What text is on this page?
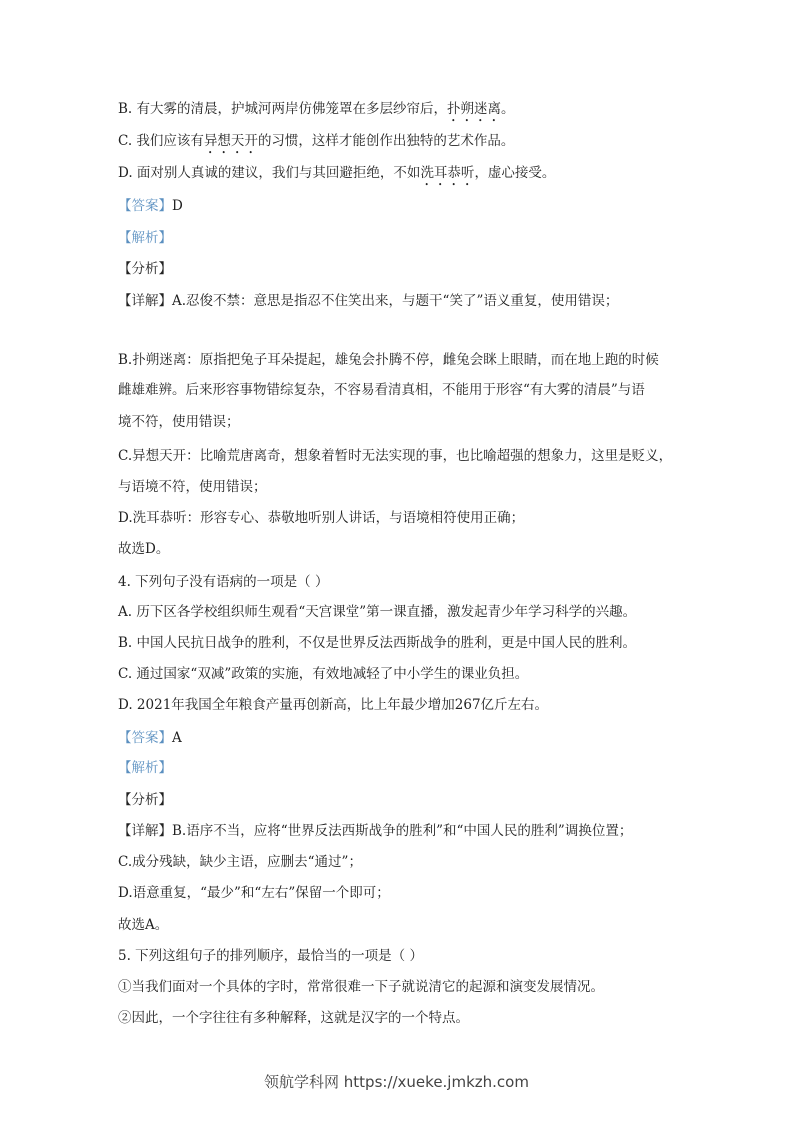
B. 有大雾的清晨，护城河两岸仿佛笼罩在多层纱帘后，扑朔迷离。
C. 我们应该有异想天开的习惯，这样才能创作出独特的艺术作品。
D. 面对别人真诚的建议，我们与其回避拒绝，不如洗耳恭听，虚心接受。
【答案】D
【解析】
【分析】
【详解】A.忍俊不禁：意思是指忍不住笑出来，与题干“笑了”语义重复，使用错误；
B.扑朔迷离：原指把兔子耳朵提起，雄兔会扑腾不停，雌兔会眯上眼睛，而在地上跑的时候
雌雄难辨。后来形容事物错综复杂，不容易看清真相，不能用于形容“有大雾的清晨”与语
境不符，使用错误；
C.异想天开：比喻荒唐离奇，想象着暂时无法实现的事，也比喻超强的想象力，这里是贬义，
与语境不符，使用错误；
D.洗耳恭听：形容专心、恭敬地听别人讲话，与语境相符使用正确；
故选D。
4. 下列句子没有语病的一项是（ ）
A. 历下区各学校组织师生观看“天宫课堂”第一课直播，激发起青少年学习科学的兴趣。
B. 中国人民抗日战争的胜利，不仅是世界反法西斯战争的胜利，更是中国人民的胜利。
C. 通过国家“双减”政策的实施，有效地减轻了中小学生的课业负担。
D. 2021年我国全年粮食产量再创新高，比上年最少增加267亿斤左右。
【答案】A
【解析】
【分析】
【详解】B.语序不当，应将“世界反法西斯战争的胜利”和“中国人民的胜利”调换位置；
C.成分残缺，缺少主语，应删去“通过”；
D.语意重复，“最少”和“左右”保留一个即可；
故选A。
5. 下列这组句子的排列顺序，最恰当的一项是（ ）
①当我们面对一个具体的字时，常常很难一下子就说清它的起源和演变发展情况。
②因此，一个字往往有多种解释，这就是汉字的一个特点。
领航学科网 https://xueke.jmkzh.com
